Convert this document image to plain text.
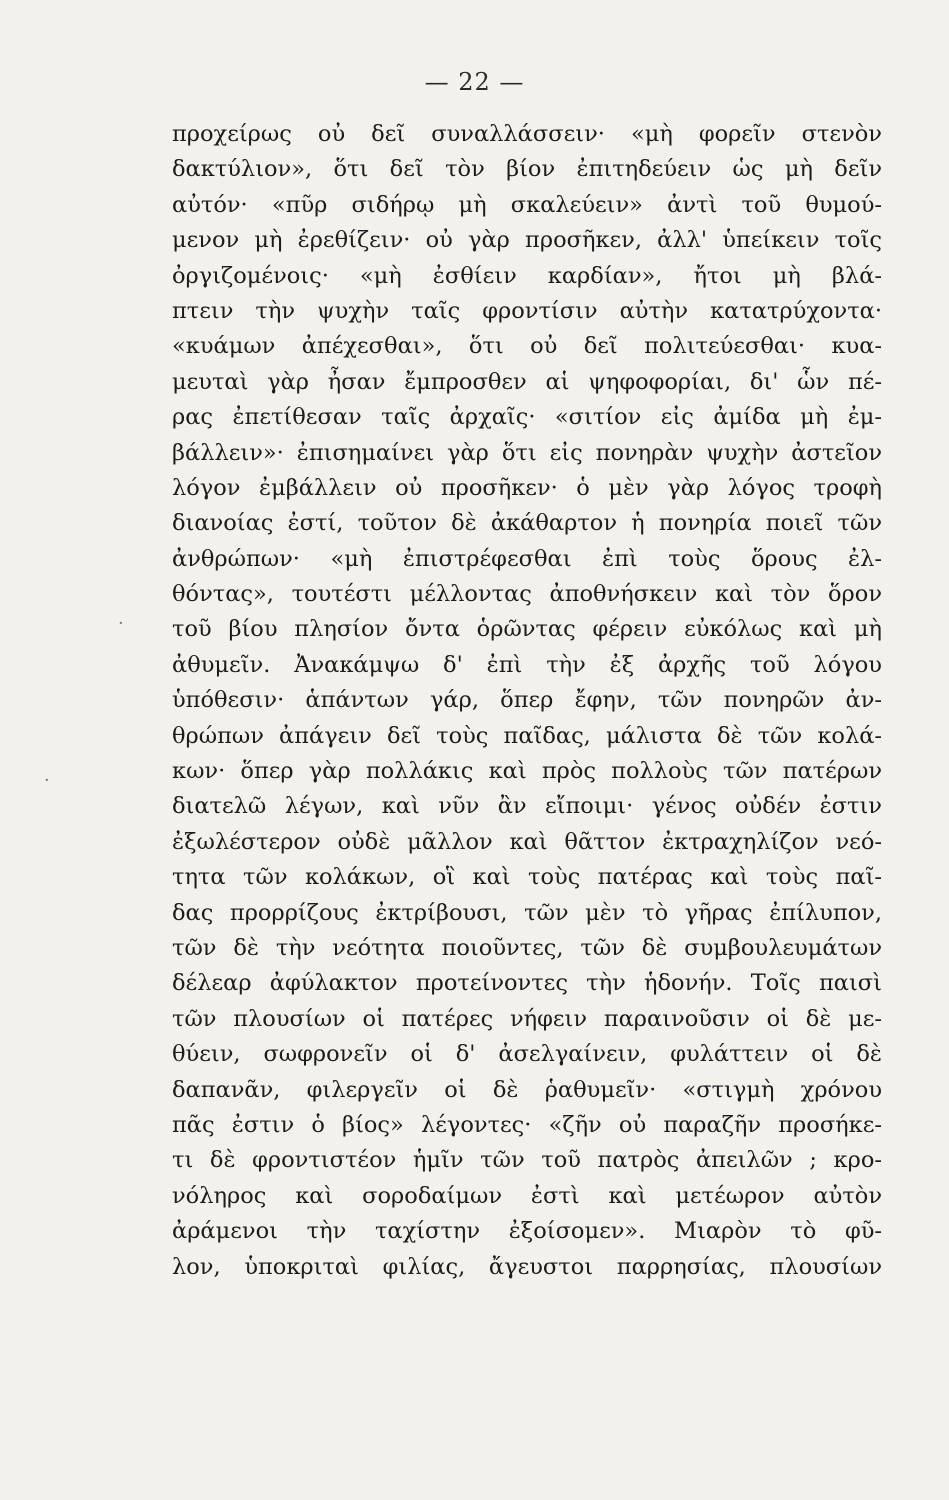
— 22 —
·
·
προχείρως οὐ δεῖ συναλλάσσειν· «μὴ φορεῖν στενὸν
δακτύλιον», ὅτι δεῖ τὸν βίον ἐπιτηδεύειν ὡς μὴ δεῖν
αὐτόν· «πῦρ σιδήρῳ μὴ σκαλεύειν» ἀντὶ τοῦ θυμού-
μενον μὴ ἐρεθίζειν· οὐ γὰρ προσῆκεν, ἀλλ' ὑπείκειν τοῖς
ὀργιζομένοις· «μὴ ἐσθίειν καρδίαν», ἤτοι μὴ βλά-
πτειν τὴν ψυχὴν ταῖς φροντίσιν αὐτὴν κατατρύχοντα·
«κυάμων ἀπέχεσθαι», ὅτι οὐ δεῖ πολιτεύεσθαι· κυα-
μευταὶ γὰρ ἦσαν ἔμπροσθεν αἱ ψηφοφορίαι, δι' ὧν πέ-
ρας ἐπετίθεσαν ταῖς ἀρχαῖς· «σιτίον εἰς ἀμίδα μὴ ἐμ-
βάλλειν»· ἐπισημαίνει γὰρ ὅτι εἰς πονηρὰν ψυχὴν ἀστεῖον
λόγον ἐμβάλλειν οὐ προσῆκεν· ὁ μὲν γὰρ λόγος τροφὴ
διανοίας ἐστί, τοῦτον δὲ ἀκάθαρτον ἡ πονηρία ποιεῖ τῶν
ἀνθρώπων· «μὴ ἐπιστρέφεσθαι ἐπὶ τοὺς ὅρους ἐλ-
θόντας», τουτέστι μέλλοντας ἀποθνήσκειν καὶ τὸν ὅρον
τοῦ βίου πλησίον ὄντα ὁρῶντας φέρειν εὐκόλως καὶ μὴ
ἀθυμεῖν. Ἀνακάμψω δ' ἐπὶ τὴν ἐξ ἀρχῆς τοῦ λόγου
ὑπόθεσιν· ἁπάντων γάρ, ὅπερ ἔφην, τῶν πονηρῶν ἀν-
θρώπων ἀπάγειν δεῖ τοὺς παῖδας, μάλιστα δὲ τῶν κολά-
κων· ὅπερ γὰρ πολλάκις καὶ πρὸς πολλοὺς τῶν πατέρων
διατελῶ λέγων, καὶ νῦν ἂν εἴποιμι· γένος οὐδέν ἐστιν
ἐξωλέστερον οὐδὲ μᾶλλον καὶ θᾶττον ἐκτραχηλίζον νεό-
τητα τῶν κολάκων, οἳ καὶ τοὺς πατέρας καὶ τοὺς παῖ-
δας προρρίζους ἐκτρίβουσι, τῶν μὲν τὸ γῆρας ἐπίλυπον,
τῶν δὲ τὴν νεότητα ποιοῦντες, τῶν δὲ συμβουλευμάτων
δέλεαρ ἀφύλακτον προτείνοντες τὴν ἡδονήν. Τοῖς παισὶ
τῶν πλουσίων οἱ πατέρες νήφειν παραινοῦσιν οἱ δὲ με-
θύειν, σωφρονεῖν οἱ δ' ἀσελγαίνειν, φυλάττειν οἱ δὲ
δαπανᾶν, φιλεργεῖν οἱ δὲ ῥαθυμεῖν· «στιγμὴ χρόνου
πᾶς ἐστιν ὁ βίος» λέγοντες· «ζῆν οὐ παραζῆν προσήκε-
τι δὲ φροντιστέον ἡμῖν τῶν τοῦ πατρὸς ἀπειλῶν ; κρο-
νόληρος καὶ σοροδαίμων ἐστὶ καὶ μετέωρον αὐτὸν
ἀράμενοι τὴν ταχίστην ἐξοίσομεν». Μιαρὸν τὸ φῦ-
λον, ὑποκριταὶ φιλίας, ἄγευστοι παρρησίας, πλουσίων
